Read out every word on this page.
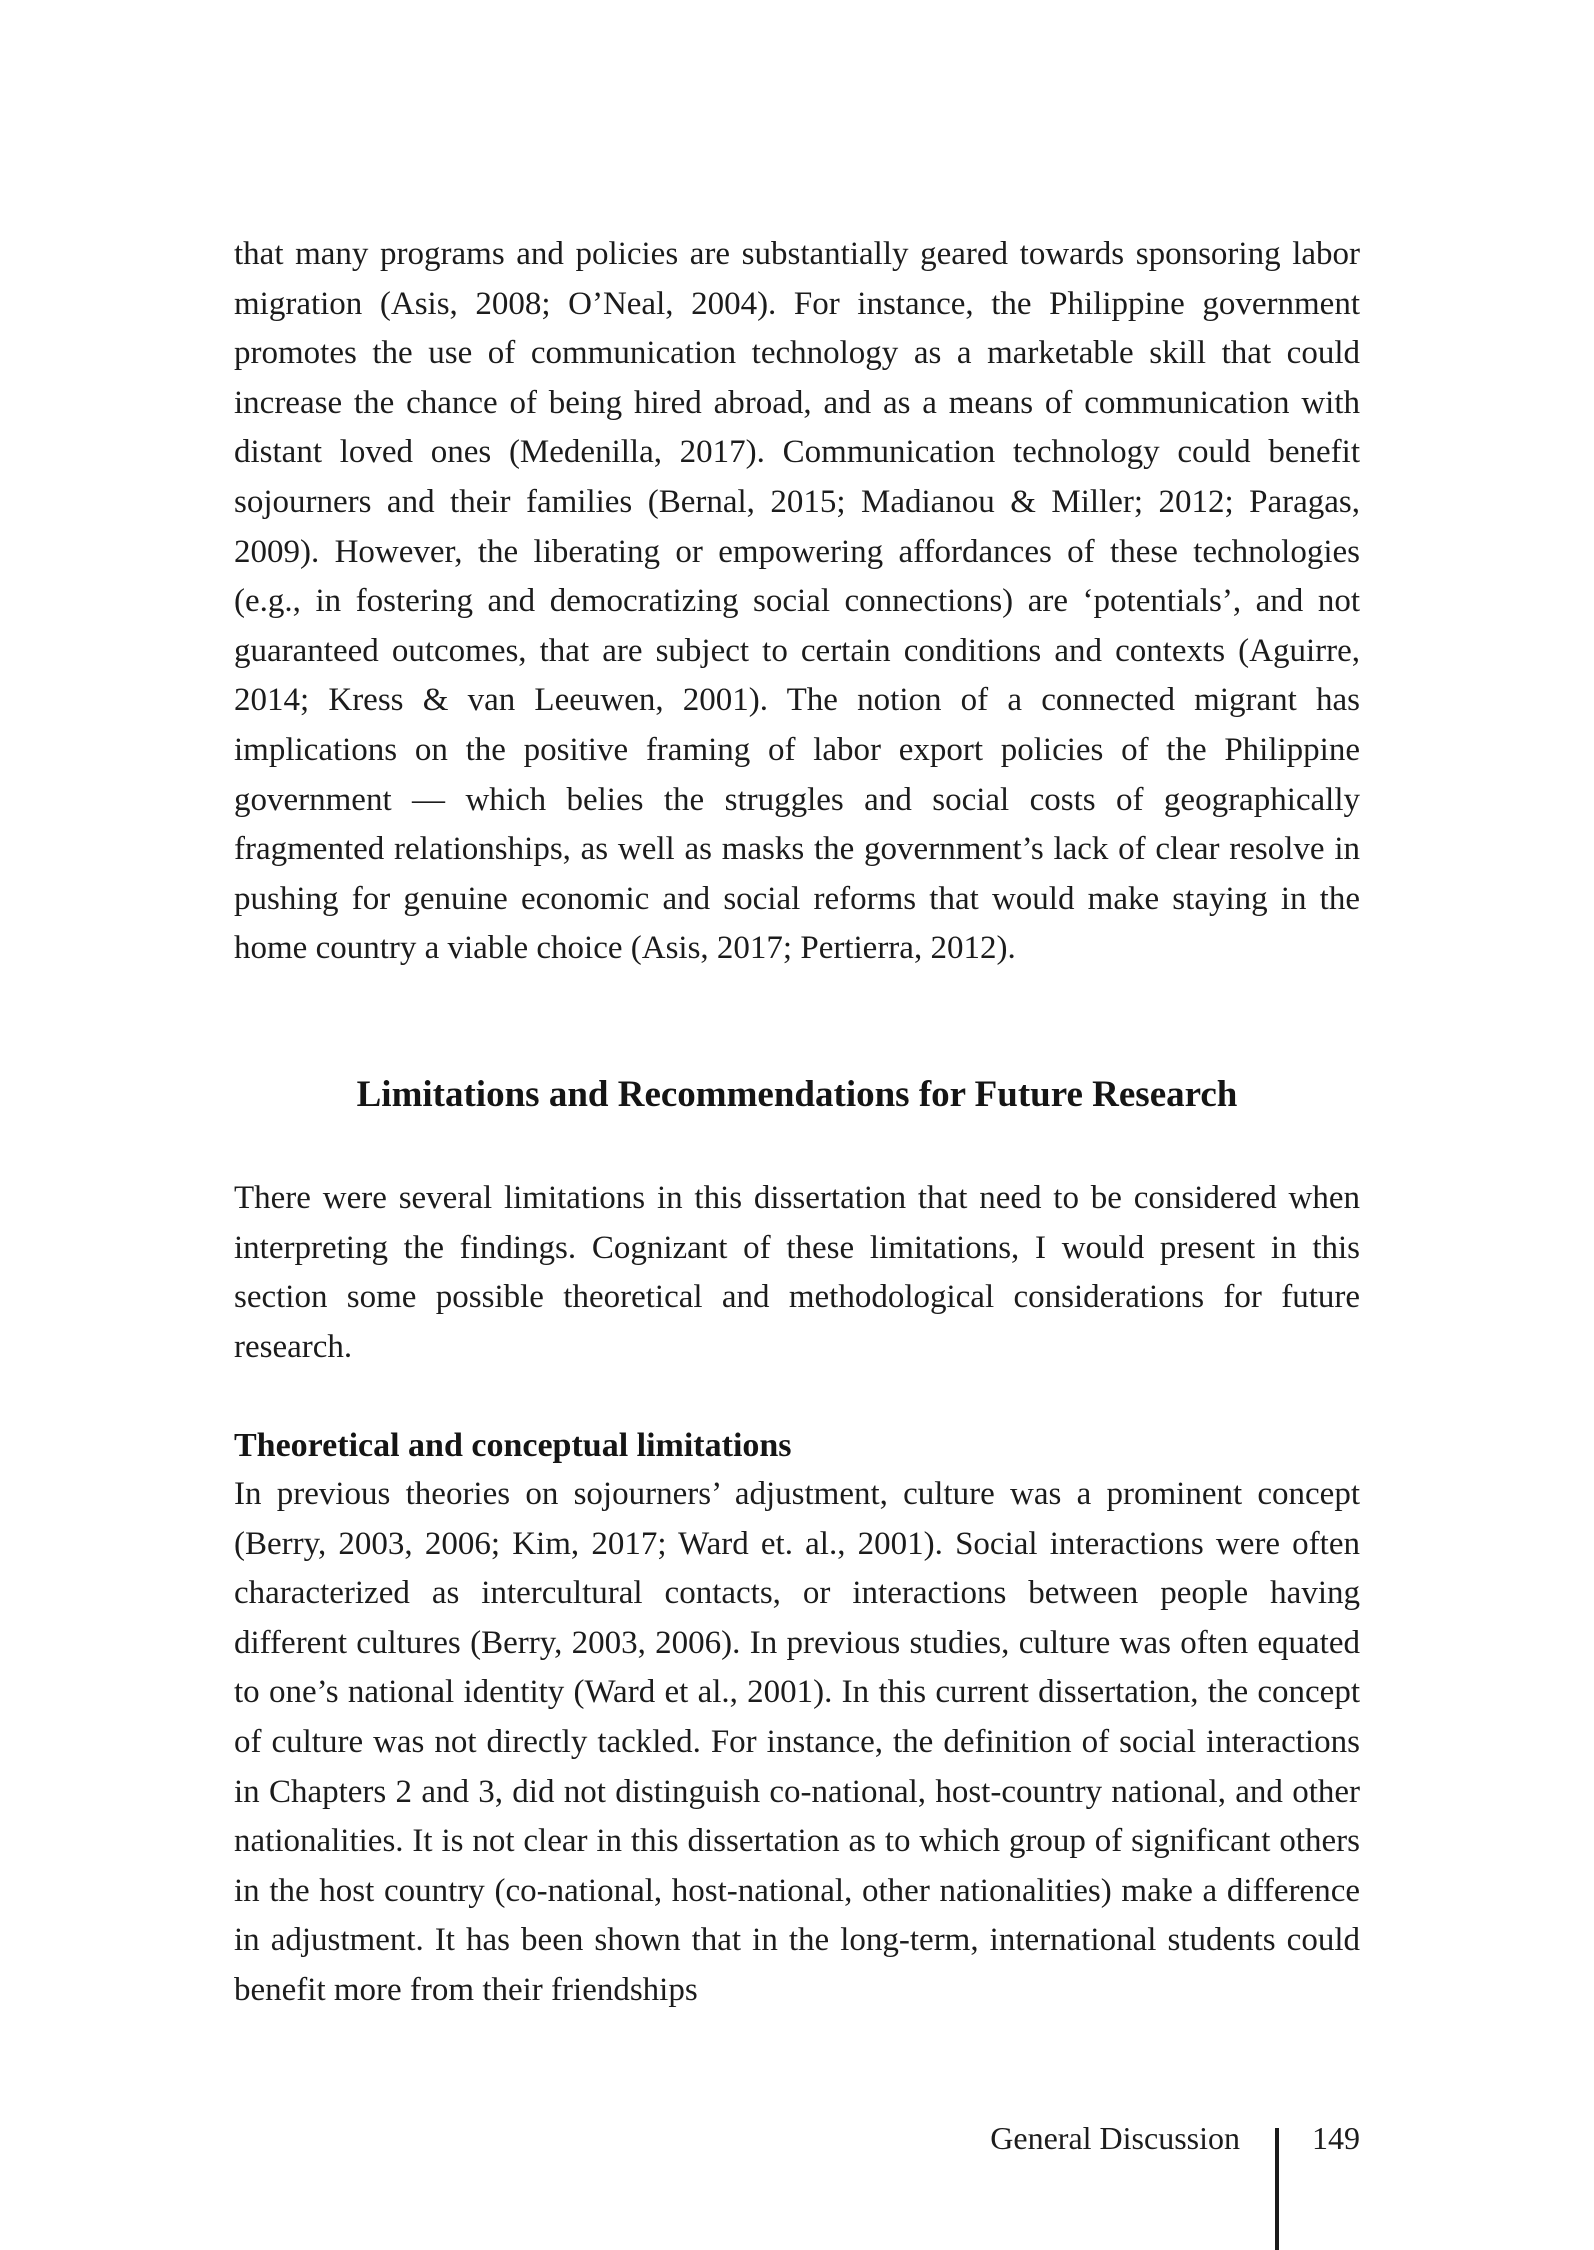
that many programs and policies are substantially geared towards sponsoring labor migration (Asis, 2008; O’Neal, 2004). For instance, the Philippine government promotes the use of communication technology as a marketable skill that could increase the chance of being hired abroad, and as a means of communication with distant loved ones (Medenilla, 2017). Communication technology could benefit sojourners and their families (Bernal, 2015; Madianou & Miller; 2012; Paragas, 2009). However, the liberating or empowering affordances of these technologies (e.g., in fostering and democratizing social connections) are ‘potentials’, and not guaranteed outcomes, that are subject to certain conditions and contexts (Aguirre, 2014; Kress & van Leeuwen, 2001). The notion of a connected migrant has implications on the positive framing of labor export policies of the Philippine government — which belies the struggles and social costs of geographically fragmented relationships, as well as masks the government’s lack of clear resolve in pushing for genuine economic and social reforms that would make staying in the home country a viable choice (Asis, 2017; Pertierra, 2012).

Limitations and Recommendations for Future Research

There were several limitations in this dissertation that need to be considered when interpreting the findings. Cognizant of these limitations, I would present in this section some possible theoretical and methodological considerations for future research.

Theoretical and conceptual limitations

In previous theories on sojourners’ adjustment, culture was a prominent concept (Berry, 2003, 2006; Kim, 2017; Ward et. al., 2001). Social interactions were often characterized as intercultural contacts, or interactions between people having different cultures (Berry, 2003, 2006). In previous studies, culture was often equated to one’s national identity (Ward et al., 2001). In this current dissertation, the concept of culture was not directly tackled. For instance, the definition of social interactions in Chapters 2 and 3, did not distinguish co-national, host-country national, and other nationalities. It is not clear in this dissertation as to which group of significant others in the host country (co-national, host-national, other nationalities) make a difference in adjustment. It has been shown that in the long-term, international students could benefit more from their friendships

General Discussion 149
